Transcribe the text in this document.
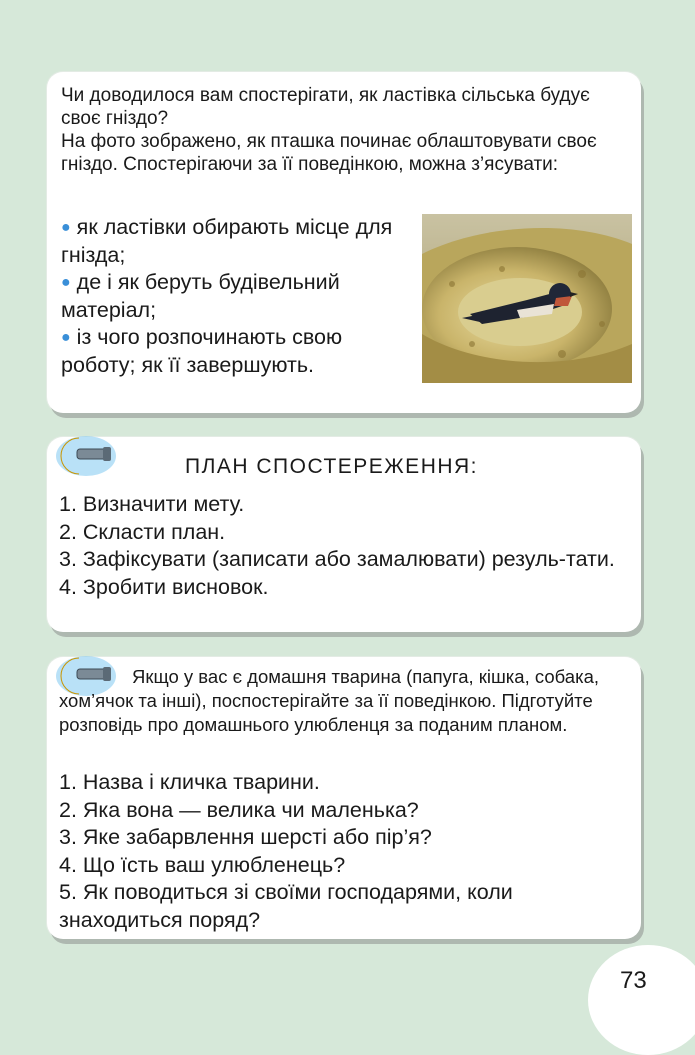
Чи доводилося вам спостерігати, як ластівка сільська будує своє гніздо?

На фото зображено, як пташка починає облаштовувати своє гніздо. Спостерігаючи за її поведінкою, можна з’ясувати:

● як ластівки обирають місце для гнізда;
● де і як беруть будівельний матеріал;
● із чого розпочинають свою роботу; як її завершують.
ПЛАН СПОСТЕРЕЖЕННЯ:
1. Визначити мету.
2. Скласти план.
3. Зафіксувати (записати або замалювати) резуль-тати.
4. Зробити висновок.
Якщо у вас є домашня тварина (папуга, кішка, собака, хом’ячок та інші), поспостерігайте за її поведінкою. Підготуйте розповідь про домашнього улюбленця за поданим планом.
1. Назва і кличка тварини.
2. Яка вона — велика чи маленька?
3. Яке забарвлення шерсті або пір’я?
4. Що їсть ваш улюбленець?
5. Як поводиться зі своїми господарями, коли знаходиться поряд?
73
